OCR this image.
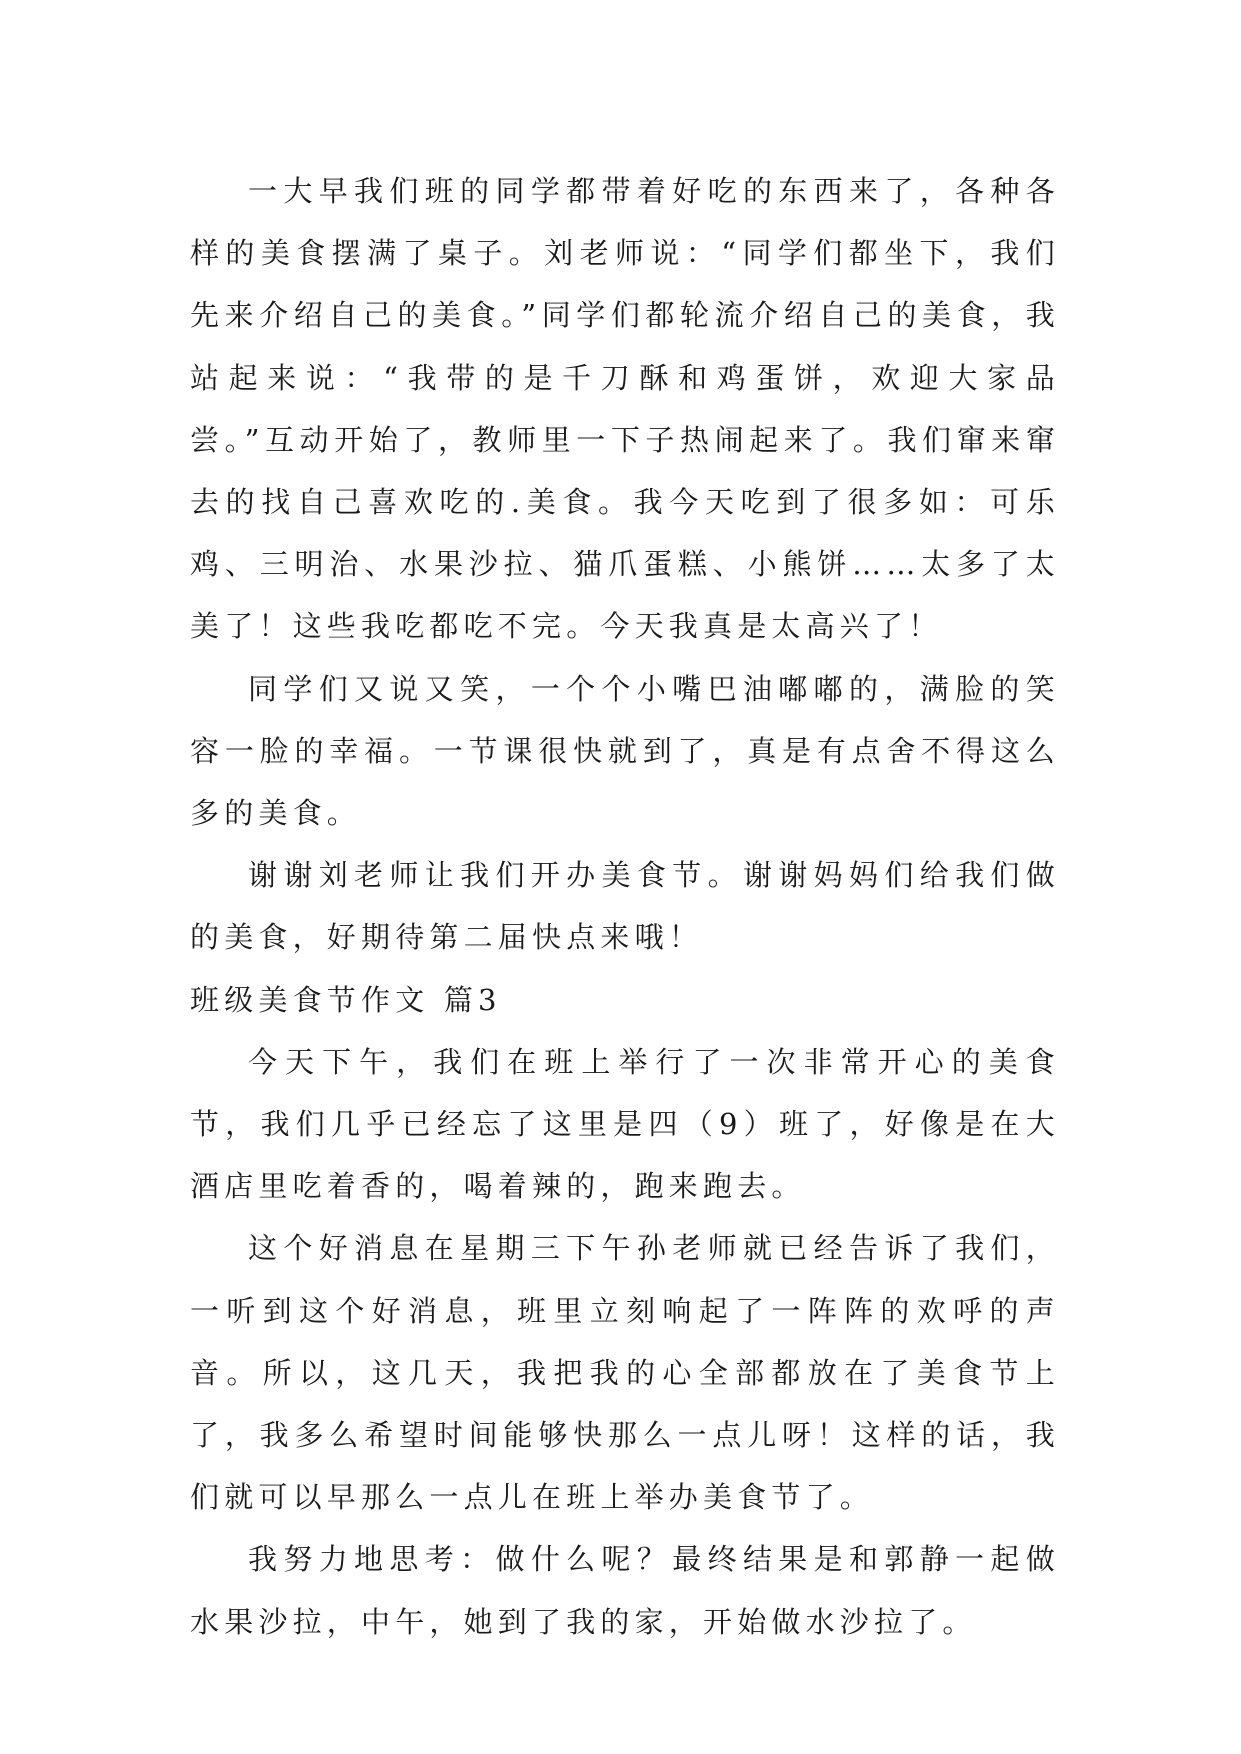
一大早我们班的同学都带着好吃的东西来了，各种各样的美食摆满了桌子。刘老师说：“同学们都坐下，我们先来介绍自己的美食。”同学们都轮流介绍自己的美食，我站起来说：“我带的是千刀酥和鸡蛋饼，欢迎大家品尝。”互动开始了，教师里一下子热闹起来了。我们窜来窜去的找自己喜欢吃的.美食。我今天吃到了很多如：可乐鸡、三明治、水果沙拉、猫爪蛋糕、小熊饼……太多了太美了！这些我吃都吃不完。今天我真是太高兴了！

同学们又说又笑，一个个小嘴巴油嘟嘟的，满脸的笑容一脸的幸福。一节课很快就到了，真是有点舍不得这么多的美食。

谢谢刘老师让我们开办美食节。谢谢妈妈们给我们做的美食，好期待第二届快点来哦！

班级美食节作文 篇3

今天下午，我们在班上举行了一次非常开心的美食节，我们几乎已经忘了这里是四（9）班了，好像是在大酒店里吃着香的，喝着辣的，跑来跑去。

这个好消息在星期三下午孙老师就已经告诉了我们，一听到这个好消息，班里立刻响起了一阵阵的欢呼的声音。所以，这几天，我把我的心全部都放在了美食节上了，我多么希望时间能够快那么一点儿呀！这样的话，我们就可以早那么一点儿在班上举办美食节了。

我努力地思考：做什么呢？最终结果是和郭静一起做水果沙拉，中午，她到了我的家，开始做水沙拉了。
